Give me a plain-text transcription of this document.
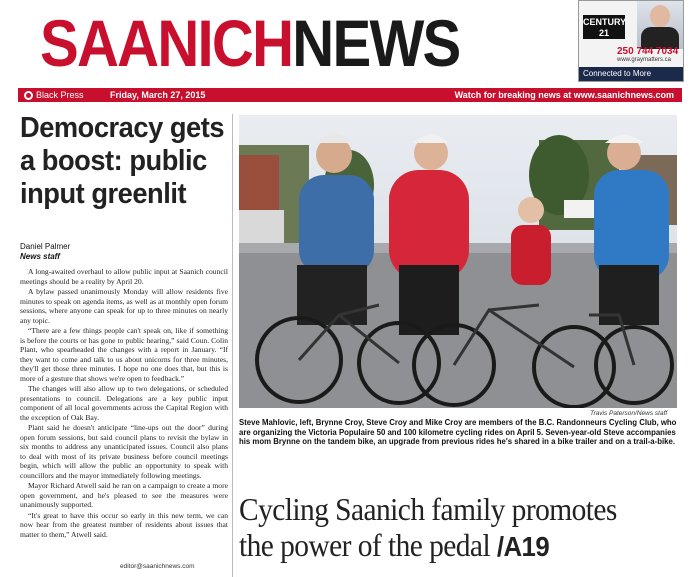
SAANICHNEWS	CENTURY
21
250 744 7034
www.graymatters.ca
Connected to More
Black Press	Friday, March 27, 2015	Watch for breaking news at www.saanichnews.com
Democracy gets a boost: public input greenlit
Daniel Palmer
News staff

A long-awaited overhaul to allow public input at Saanich council meetings should be a reality by April 20.

A bylaw passed unanimously Monday will allow residents five minutes to speak on agenda items, as well as at monthly open forum sessions, where anyone can speak for up to three minutes on nearly any topic.

“There are a few things people can't speak on, like if something is before the courts or has gone to public hearing,” said Coun. Colin Plant, who spearheaded the changes with a report in January. “If they want to come and talk to us about unicorns for three minutes, they'll get those three minutes. I hope no one does that, but this is more of a gesture that shows we're open to feedback.”

The changes will also allow up to two delegations, or scheduled presentations to council. Delegations are a key public input component of all local governments across the Capital Region with the exception of Oak Bay.

Plant said he doesn't anticipate “line-ups out the door” during open forum sessions, but said council plans to revisit the bylaw in six months to address any unanticipated issues. Council also plans to deal with most of its private business before council meetings begin, which will allow the public an opportunity to speak with councillors and the mayor immediately following meetings.

Mayor Richard Atwell said he ran on a campaign to create a more open government, and he's pleased to see the measures were unanimously supported.

“It's great to have this occur so early in this new term, we can now hear from the greatest number of residents about issues that matter to them,” Atwell said.

editor@saanichnews.com
Travis Paterson/News staff
Steve Mahlovic, left, Brynne Croy, Steve Croy and Mike Croy are members of the B.C. Randonneurs Cycling Club, who are organizing the Victoria Populaire 50 and 100 kilometre cycling rides on April 5. Seven-year-old Steve accompanies his mom Brynne on the tandem bike, an upgrade from previous rides he's shared in a bike trailer and on a trail-a-bike.
Cycling Saanich family promotes
the power of the pedal /A19
